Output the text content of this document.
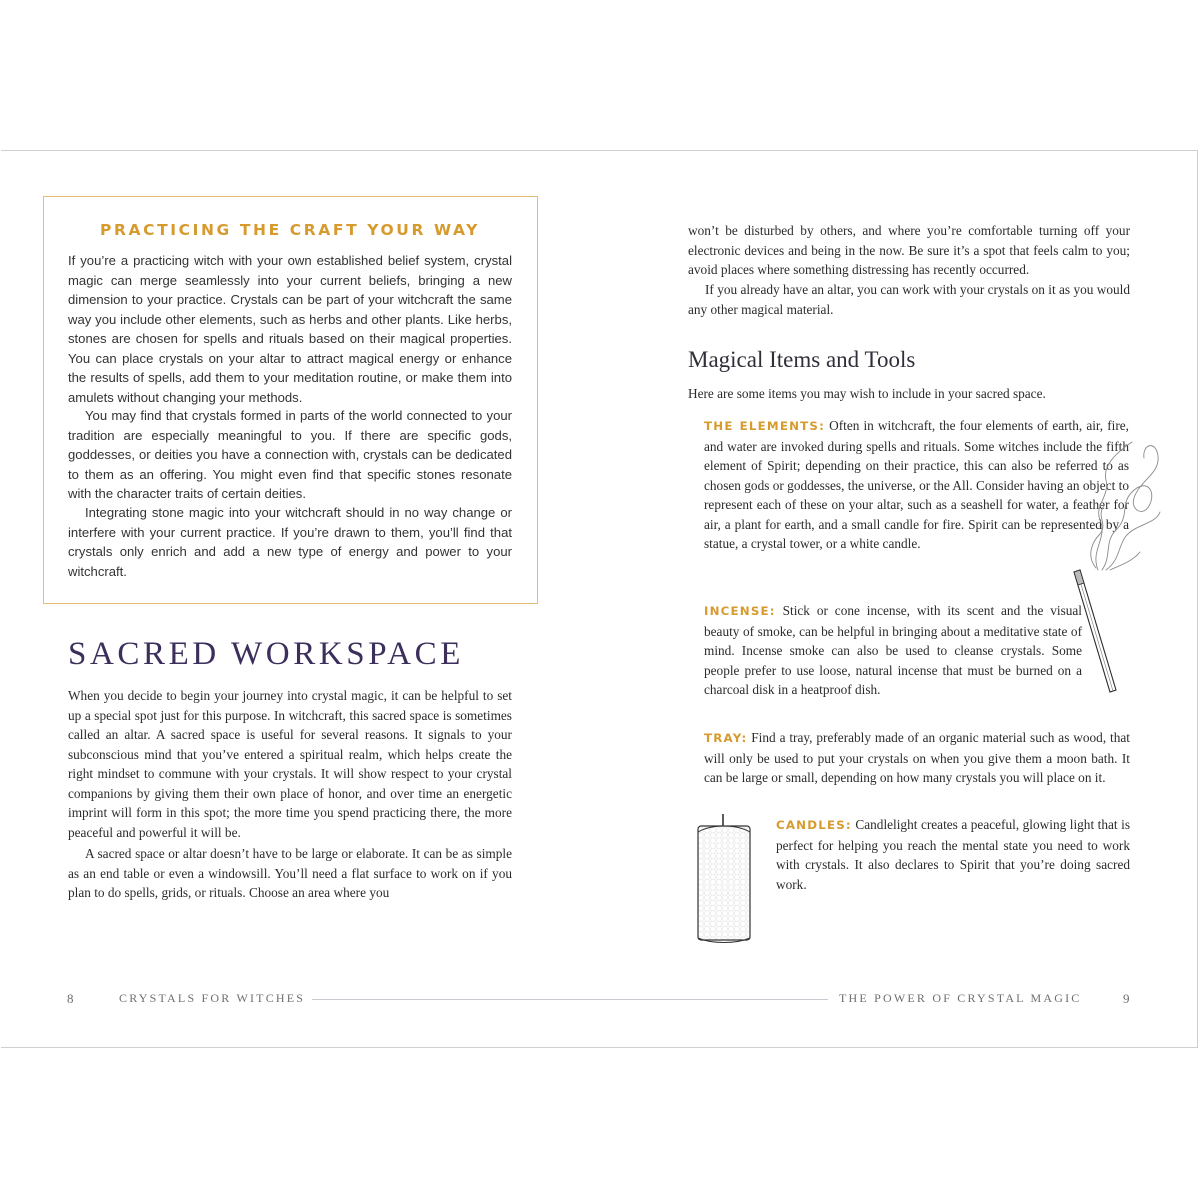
PRACTICING THE CRAFT YOUR WAY

If you’re a practicing witch with your own established belief system, crystal magic can merge seamlessly into your current beliefs, bringing a new dimension to your practice. Crystals can be part of your witchcraft the same way you include other elements, such as herbs and other plants. Like herbs, stones are chosen for spells and rituals based on their magical properties. You can place crystals on your altar to attract magical energy or enhance the results of spells, add them to your meditation routine, or make them into amulets without changing your methods.

You may find that crystals formed in parts of the world connected to your tradition are especially meaningful to you. If there are specific gods, goddesses, or deities you have a connection with, crystals can be dedicated to them as an offering. You might even find that specific stones resonate with the character traits of certain deities.

Integrating stone magic into your witchcraft should in no way change or interfere with your current practice. If you’re drawn to them, you’ll find that crystals only enrich and add a new type of energy and power to your witchcraft.

SACRED WORKSPACE

When you decide to begin your journey into crystal magic, it can be helpful to set up a special spot just for this purpose. In witchcraft, this sacred space is sometimes called an altar. A sacred space is useful for several reasons. It signals to your subconscious mind that you’ve entered a spiritual realm, which helps create the right mindset to commune with your crystals. It will show respect to your crystal companions by giving them their own place of honor, and over time an energetic imprint will form in this spot; the more time you spend practicing there, the more peaceful and powerful it will be.

A sacred space or altar doesn’t have to be large or elaborate. It can be as simple as an end table or even a windowsill. You’ll need a flat surface to work on if you plan to do spells, grids, or rituals. Choose an area where you

won’t be disturbed by others, and where you’re comfortable turning off your electronic devices and being in the now. Be sure it’s a spot that feels calm to you; avoid places where something distressing has recently occurred.

If you already have an altar, you can work with your crystals on it as you would any other magical material.

Magical Items and Tools

Here are some items you may wish to include in your sacred space.

THE ELEMENTS: Often in witchcraft, the four elements of earth, air, fire, and water are invoked during spells and rituals. Some witches include the fifth element of Spirit; depending on their practice, this can also be referred to as chosen gods or goddesses, the universe, or the All. Consider having an object to represent each of these on your altar, such as a seashell for water, a feather for air, a plant for earth, and a small candle for fire. Spirit can be represented by a statue, a crystal tower, or a white candle.

INCENSE: Stick or cone incense, with its scent and the visual beauty of smoke, can be helpful in bringing about a meditative state of mind. Incense smoke can also be used to cleanse crystals. Some people prefer to use loose, natural incense that must be burned on a charcoal disk in a heatproof dish.

TRAY: Find a tray, preferably made of an organic material such as wood, that will only be used to put your crystals on when you give them a moon bath. It can be large or small, depending on how many crystals you will place on it.

CANDLES: Candlelight creates a peaceful, glowing light that is perfect for helping you reach the mental state you need to work with crystals. It also declares to Spirit that you’re doing sacred work.

8	CRYSTALS FOR WITCHES	THE POWER OF CRYSTAL MAGIC	9
